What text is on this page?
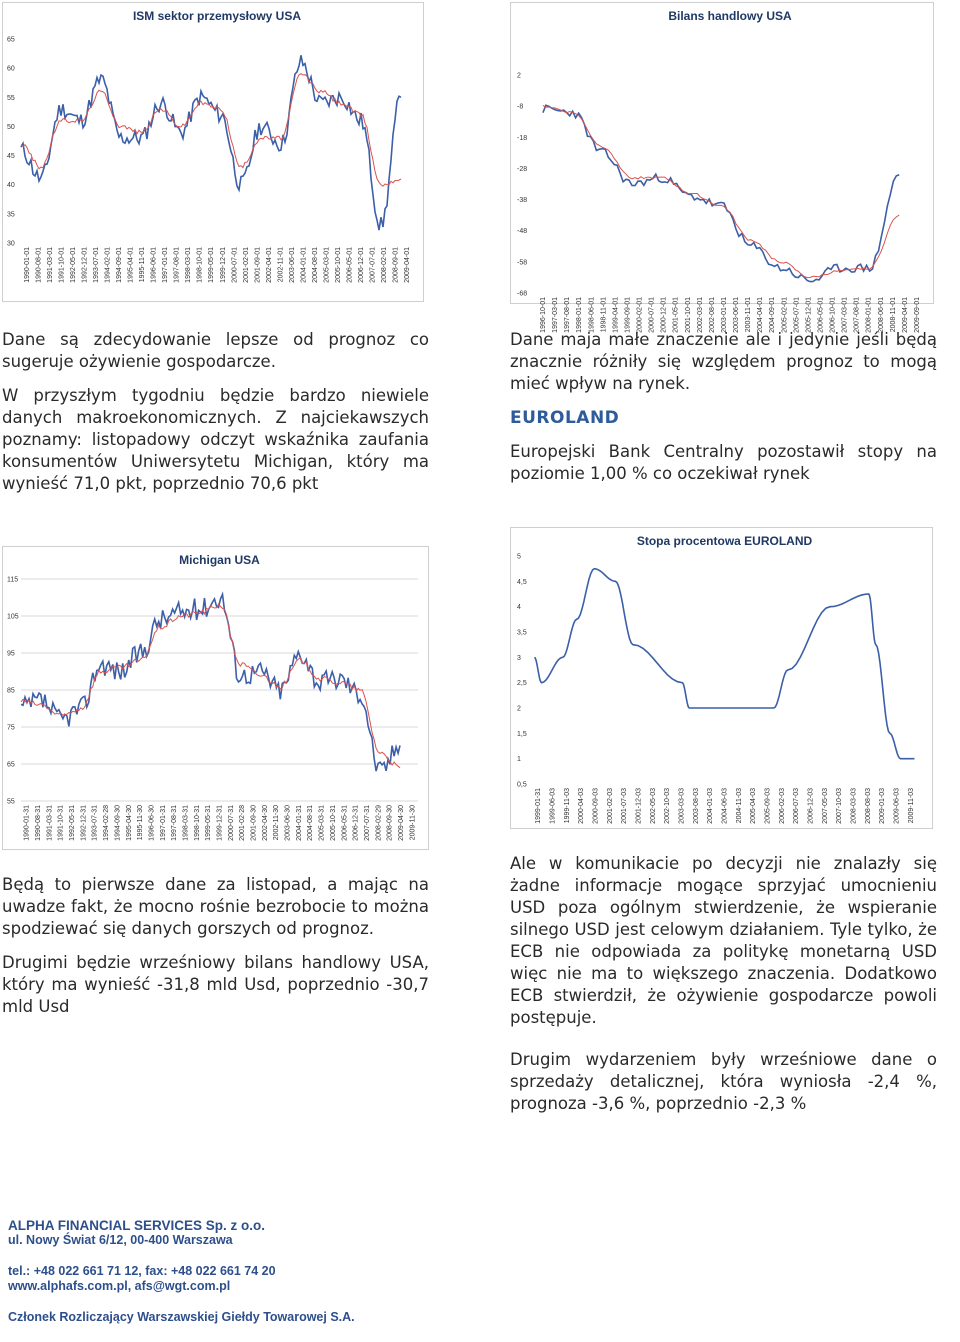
ISM sektor przemysłowy USA
65
60
55
50
45
40
35
30
1990-01-01 1990-08-01 1991-03-01 1991-10-01 1992-05-01 1992-12-01 1993-07-01 1994-02-01 1994-09-01 1995-04-01 1995-11-01 1996-06-01 1997-01-01 1997-08-01 1998-03-01 1998-10-01 1999-05-01 1999-12-01 2000-07-01 2001-02-01 2001-09-01 2002-04-01 2002-11-01 2003-06-01 2004-01-01 2004-08-01 2005-03-01 2005-10-01 2006-05-01 2006-12-01 2007-07-01 2008-02-01 2008-09-01 2009-04-01
Bilans handlowy USA
2
-8
-18
-28
-38
-48
-58
-68
1996-10-01 1997-03-01 1997-08-01 1998-01-01 1998-06-01 1998-11-01 1999-04-01 1999-09-01 2000-02-01 2000-07-01 2000-12-01 2001-05-01 2001-10-01 2002-03-01 2002-08-01 2003-01-01 2003-06-01 2003-11-01 2004-04-01 2004-09-01 2005-02-01 2005-07-01 2005-12-01 2006-05-01 2006-10-01 2007-03-01 2007-08-01 2008-01-01 2008-06-01 2008-11-01 2009-04-01 2009-09-01
Michigan USA
115
105
95
85
75
65
55
1990-01-31 1990-08-31 1991-03-31 1991-10-31 1992-05-31 1992-12-31 1993-07-31 1994-02-28 1994-09-30 1995-04-30 1995-11-30 1996-06-30 1997-01-31 1997-08-31 1998-03-31 1998-10-31 1999-05-31 1999-12-31 2000-07-31 2001-02-28 2001-09-30 2002-04-30 2002-11-30 2003-06-30 2004-01-31 2004-08-31 2005-03-31 2005-10-31 2006-05-31 2006-12-31 2007-07-31 2008-02-29 2008-09-30 2009-04-30 2009-11-30
Stopa procentowa EUROLAND
5
4,5
4
3,5
3
2,5
2
1,5
1
0,5
1999-01-31 1999-06-03 1999-11-03 2000-04-03 2000-09-03 2001-02-03 2001-07-03 2001-12-03 2002-05-03 2002-10-03 2003-03-03 2003-08-03 2004-01-03 2004-06-03 2004-11-03 2005-04-03 2005-09-03 2006-02-03 2006-07-03 2006-12-03 2007-05-03 2007-10-03 2008-03-03 2008-08-03 2009-01-03 2009-06-03 2009-11-03

Dane są zdecydowanie lepsze od prognoz co sugeruje ożywienie gospodarcze.

W przyszłym tygodniu będzie bardzo niewiele danych makroekonomicznych. Z najciekawszych poznamy: listopadowy odczyt wskaźnika zaufania konsumentów Uniwersytetu Michigan, który ma wynieść 71,0 pkt, poprzednio 70,6 pkt

Dane maja małe znaczenie ale i jedynie jeśli będą znacznie różniły się względem prognoz to mogą mieć wpływ na rynek.

EUROLAND

Europejski Bank Centralny pozostawił stopy na poziomie 1,00 % co oczekiwał rynek

Będą to pierwsze dane za listopad, a mając na uwadze fakt, że mocno rośnie bezrobocie to można spodziewać się danych gorszych od prognoz.

Drugimi będzie wrześniowy bilans handlowy USA, który ma wynieść -31,8 mld Usd, poprzednio -30,7 mld Usd

Ale w komunikacie po decyzji nie znalazły się żadne informacje mogące sprzyjać umocnieniu USD poza ogólnym stwierdzenie, że wspieranie silnego USD jest celowym działaniem. Tyle tylko, że ECB nie odpowiada za politykę monetarną USD więc nie ma to większego znaczenia. Dodatkowo ECB stwierdził, że ożywienie gospodarcze powoli postępuje.

Drugim wydarzeniem były wrześniowe dane o sprzedaży detalicznej, która wyniosła -2,4 %, prognoza -3,6 %, poprzednio -2,3 %

ALPHA FINANCIAL SERVICES Sp. z o.o.
ul. Nowy Świat 6/12, 00-400 Warszawa
tel.: +48 022 661 71 12, fax: +48 022 661 74 20
www.alphafs.com.pl, afs@wgt.com.pl
Członek Rozliczający Warszawskiej Giełdy Towarowej S.A.
